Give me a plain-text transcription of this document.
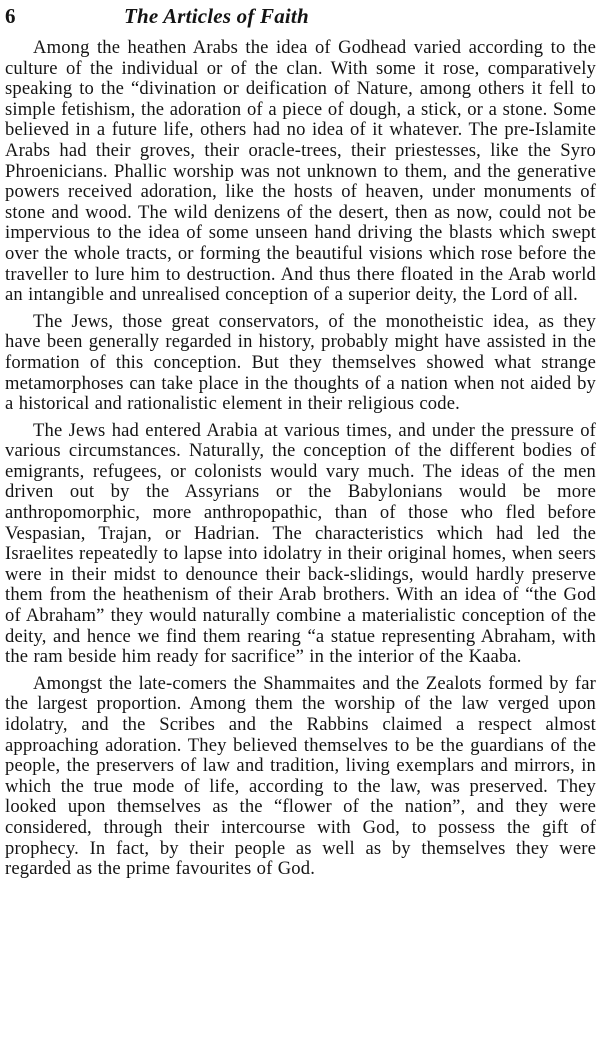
6	The Articles of Faith

Among the heathen Arabs the idea of Godhead varied according to the culture of the individual or of the clan. With some it rose, comparatively speaking to the “divination or deification of Nature, among others it fell to simple fetishism, the adoration of a piece of dough, a stick, or a stone. Some believed in a future life, others had no idea of it whatever. The pre-Islamite Arabs had their groves, their oracle-trees, their priestesses, like the Syro Phroenicians. Phallic worship was not unknown to them, and the generative powers received adoration, like the hosts of heaven, under monuments of stone and wood. The wild denizens of the desert, then as now, could not be impervious to the idea of some unseen hand driving the blasts which swept over the whole tracts, or forming the beautiful visions which rose before the traveller to lure him to destruction. And thus there floated in the Arab world an intangible and unrealised conception of a superior deity, the Lord of all.

The Jews, those great conservators, of the monotheistic idea, as they have been generally regarded in history, probably might have assisted in the formation of this conception. But they themselves showed what strange metamorphoses can take place in the thoughts of a nation when not aided by a historical and rationalistic element in their religious code.

The Jews had entered Arabia at various times, and under the pressure of various circumstances. Naturally, the conception of the different bodies of emigrants, refugees, or colonists would vary much. The ideas of the men driven out by the Assyrians or the Babylonians would be more anthropomorphic, more anthropopathic, than of those who fled before Vespasian, Trajan, or Hadrian. The characteristics which had led the Israelites repeatedly to lapse into idolatry in their original homes, when seers were in their midst to denounce their back-slidings, would hardly preserve them from the heathenism of their Arab brothers. With an idea of “the God of Abraham” they would naturally combine a materialistic conception of the deity, and hence we find them rearing “a statue representing Abraham, with the ram beside him ready for sacrifice” in the interior of the Kaaba.

Amongst the late-comers the Shammaites and the Zealots formed by far the largest proportion. Among them the worship of the law verged upon idolatry, and the Scribes and the Rabbins claimed a respect almost approaching adoration. They believed themselves to be the guardians of the people, the preservers of law and tradition, living exemplars and mirrors, in which the true mode of life, according to the law, was preserved. They looked upon themselves as the “flower of the nation”, and they were considered, through their intercourse with God, to possess the gift of prophecy. In fact, by their people as well as by themselves they were regarded as the prime favourites of God.
